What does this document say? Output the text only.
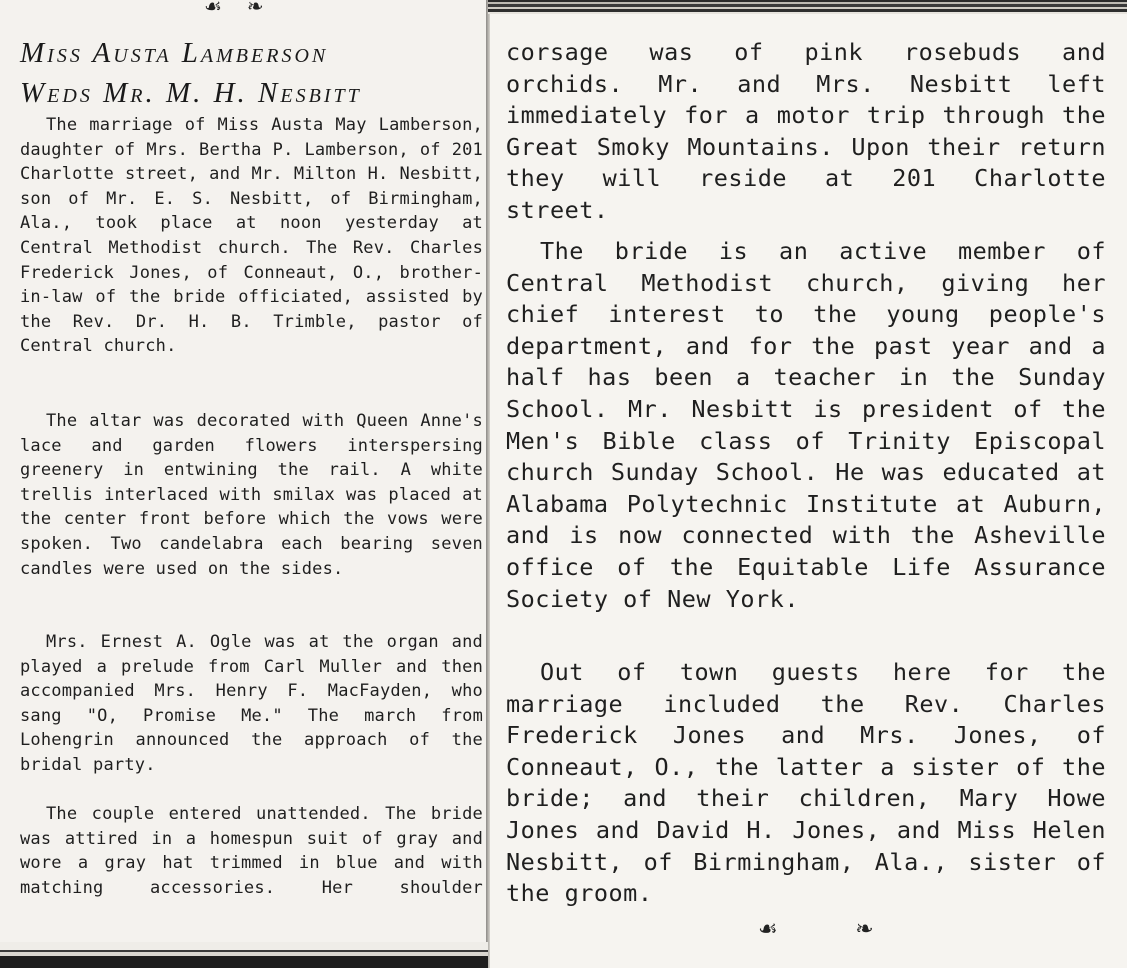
☙ ❧
Miss Austa Lamberson
Weds Mr. M. H. Nesbitt

The marriage of Miss Austa May Lamberson, daughter of Mrs. Bertha P. Lamberson, of 201 Charlotte street, and Mr. Milton H. Nesbitt, son of Mr. E. S. Nesbitt, of Birmingham, Ala., took place at noon yesterday at Central Methodist church. The Rev. Charles Frederick Jones, of Conneaut, O., brother-in-law of the bride officiated, assisted by the Rev. Dr. H. B. Trimble, pastor of Central church.

The altar was decorated with Queen Anne's lace and garden flowers interspersing greenery in entwining the rail. A white trellis interlaced with smilax was placed at the center front before which the vows were spoken. Two candelabra each bearing seven candles were used on the sides.

Mrs. Ernest A. Ogle was at the organ and played a prelude from Carl Muller and then accompanied Mrs. Henry F. MacFayden, who sang "O, Promise Me." The march from Lohengrin announced the approach of the bridal party.

The couple entered unattended. The bride was attired in a homespun suit of gray and wore a gray hat trimmed in blue and with matching accessories. Her shoulder

corsage was of pink rosebuds and orchids. Mr. and Mrs. Nesbitt left immediately for a motor trip through the Great Smoky Mountains. Upon their return they will reside at 201 Charlotte street.

The bride is an active member of Central Methodist church, giving her chief interest to the young people's department, and for the past year and a half has been a teacher in the Sunday School. Mr. Nesbitt is president of the Men's Bible class of Trinity Episcopal church Sunday School. He was educated at Alabama Polytechnic Institute at Auburn, and is now connected with the Asheville office of the Equitable Life Assurance Society of New York.

Out of town guests here for the marriage included the Rev. Charles Frederick Jones and Mrs. Jones, of Conneaut, O., the latter a sister of the bride; and their children, Mary Howe Jones and David H. Jones, and Miss Helen Nesbitt, of Birmingham, Ala., sister of the groom.

☙ ❧
